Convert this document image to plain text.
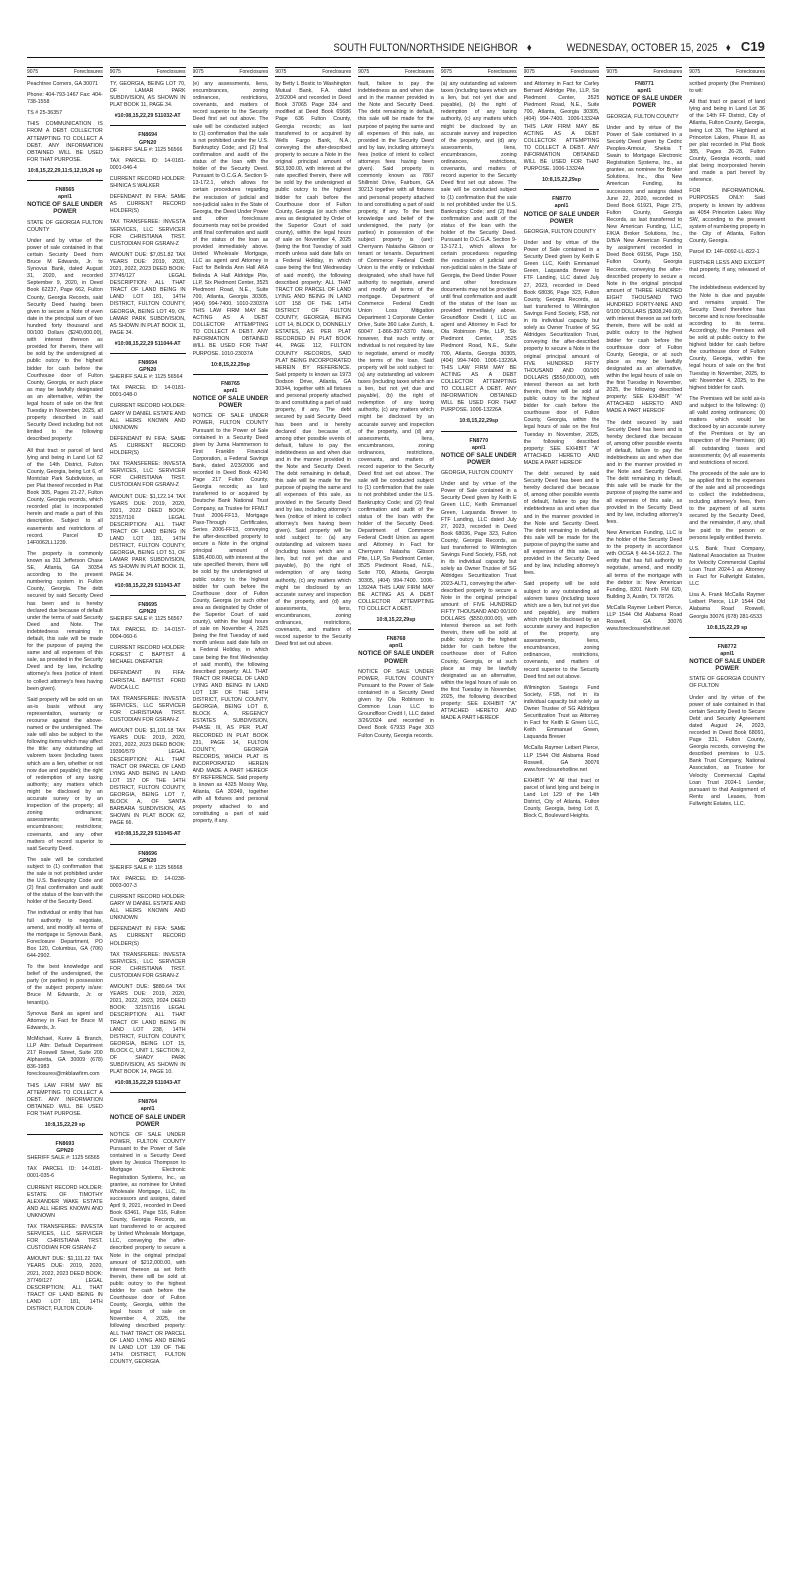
SOUTH FULTON/NORTHSIDE NEIGHBOR ♦	WEDNESDAY, OCTOBER 15, 2025 ♦ C19
9075	Foreclosures

Peachtree Corners, GA 30071

Phone: 404-793-1467 Fax: 404-738-1558

TS # 25-36357

THIS COMMUNICATION IS FROM A DEBT COLLECTOR ATTEMPTING TO COLLECT A DEBT. ANY INFORMATION OBTAINED WILL BE USED FOR THAT PURPOSE.

10:8,15,22,29,11:5,12,19,26 sp

FN8565

apnl1

NOTICE OF SALE UNDER POWER

STATE OF GEORGIA FULTON COUNTY

Under and by virtue of the power of sale contained in that certain Security Deed from Bruce M Edwards, Jr. to Synovus Bank, dated August 31, 2020, and recorded September 9, 2020, in Deed Book 62237, Page 662, Fulton County, Georgia Records, said Security Deed having been given to secure a Note of even date in the principal sum of two hundred forty thousand and 00/100 Dollars ($240,000.00), with interest thereon as provided for therein, there will be sold by the undersigned at public outcry to the highest bidder for cash before the Courthouse door of Fulton County, Georgia, or such place as may be lawfully designated as an alternative, within the legal hours of sale on the first Tuesday in November, 2025, all property described in said Security Deed including but not limited to the following described property:

All that tract or parcel of land lying and being in Land Lot 62 of the 14th District, Fulton County, Georgia, being Lot 6, of Montclair Park Subdivision, as per Plat thereof recorded in Plat Book 305, Pages 21-27, Fulton County, Georgia records, which recorded plat is incorporated herein and made a part of this description. Subject to all easements and restrictions of record. Parcel ID 14F0062LL1239.

The property is commonly known as 311 Jefferson Chase SE, Atlanta, GA 30354 according to the present numbering system in Fulton County, Georgia. The debt secured by said Security Deed has been and is hereby declared due because of default under the terms of said Security Deed and Note. The indebtedness remaining in default, this sale will be made for the purpose of paying the same and all expenses of this sale, as provided in the Security Deed and by law, including attorney's fees (notice of intent to collect attorney's fees having been given).

Said property will be sold on an as-is basis without any representation, warranty or recourse against the above-named or the undersigned. The sale will also be subject to the following items which may affect the title: any outstanding ad valorem taxes (including taxes which are a lien, whether or not now due and payable); the right of redemption of any taxing authority; any matters which might be disclosed by an accurate survey or by an inspection of the property; all zoning ordinances; assessments; liens; encumbrances; restrictions; covenants, and any other matters of record superior to said Security Deed.

The sale will be conducted subject to (1) confirmation that the sale is not prohibited under the U.S. Bankruptcy Code and (2) final confirmation and audit of the status of the loan with the holder of the Security Deed.

The individual or entity that has full authority to negotiate, amend, and modify all terms of the mortgage is: Synovus Bank, Foreclosure Department, PO Box 120, Columbus, GA (706) 644-2902.

To the best knowledge and belief of the undersigned, the party (or parties) in possession of the subject property is/are: Bruce M Edwards, Jr. or tenant(s).

Synovus Bank as agent and Attorney in Fact for Bruce M Edwards, Jr.

McMichael, Kurev & Branch, LLP Attn: Default Department 217 Roswell Street, Suite 200 Alpharetta, GA 30009 (678) 836-1983 foreclosures@mkblawfirm.com

THIS LAW FIRM MAY BE ATTEMPTING TO COLLECT A DEBT. ANY INFORMATION OBTAINED WILL BE USED FOR THAT PURPOSE.

10:8,15,22,29 sp

FN8693

GPN20

SHERIFF SALE #: 1125 56565

TAX PARCEL ID: 14-0181-0001-035-6

CURRENT RECORD HOLDER: ESTATE OF TIMOTHY ALEXANDER WAKE ESTATE AND ALL HEIRS KNOWN AND UNKNOWN

TAX TRANSFEREE: INVESTA SERVICES, LLC SERVICER FOR CHRISTIANA TRST. CUSTODIAN FOR GSRAN-Z

AMOUNT DUE: $1,111.22 TAX YEARS DUE: 2019, 2020, 2021, 2022, 2023 DEED BOOK: 37749/127 LEGAL DESCRIPTION: ALL THAT TRACT OF LAND BEING IN LAND LOT 181, 14TH DISTRICT, FULTON COUN-

9075	Foreclosures

TY, GEORGIA, BEING LOT 70, OF LAMAR PARK SUBDIVISION, AS SHOWN IN PLAT BOOK 11, PAGE 34.

#10:08,15,22,29 511032-AT

FN8694

GPN20

SHERIFF SALE #: 1125 56566

TAX PARCEL ID: 14-0181-0001-046-4

CURRENT RECORD HOLDER: SHINICA S WALKER

DEFENDANT IN FIFA: SAME AS CURRENT RECORD HOLDER(S)

TAX TRANSFEREE: INVESTA SERVICES, LLC SERVICER FOR CHRISTIANA TRST. CUSTODIAN FOR GSRAN-Z

AMOUNT DUE: $7,051.82 TAX YEARS DUE: 2019, 2020, 2021, 2022, 2023 DEED BOOK: 37745/127 LEGAL DESCRIPTION: ALL THAT TRACT OF LAND BEING IN LAND LOT 181, 14TH DISTRICT, FULTON COUNTY, GEORGIA, BEING LOT 49, OF LAMAR PARK SUBDIVISION, AS SHOWN IN PLAT BOOK 11, PAGE 34.

#10:08,15,22,29 511044-AT

FN8694

GPN20

SHERIFF SALE #: 1125 56564

TAX PARCEL ID: 14-0181-0001-048-0

CURRENT RECORD HOLDER: GARY W DANIEL ESTATE AND ALL HEIRS KNOWN AND UNKNOWN

DEFENDANT IN FIFA: SAME AS CURRENT RECORD HOLDER(S)

TAX TRANSFEREE: INVESTA SERVICES, LLC SERVICER FOR CHRISTIANA TRST. CUSTODIAN FOR GSRAN-Z

AMOUNT DUE: $1,122.14 TAX YEARS DUE: 2019, 2020, 2021, 2022 DEED BOOK: 32157/116 LEGAL DESCRIPTION: ALL THAT TRACT OF LAND BEING IN LAND LOT 181, 14TH DISTRICT, FULTON COUNTY, GEORGIA, BEING LOT 51, OF LAMAR PARK SUBDIVISION, AS SHOWN IN PLAT BOOK 11, PAGE 34.

#10:08,15,22,29 511043-AT

FN8695

GPN20

SHERIFF SALE #: 1125 56567

TAX PARCEL ID: 14-0157-0004-060-6

CURRENT RECORD HOLDER: FOREST C BAPTIST & MICHAEL ONEFATER

DEFENDANT IN FIFA: CHRISTAL BAPTIST FORD AVOCA LLC

TAX TRANSFEREE: INVESTA SERVICES, LLC SERVICER FOR CHRISTIANA TRST. CUSTODIAN FOR GSRAN-Z

AMOUNT DUE: $1,101.18 TAX YEARS DUE: 2019, 2020, 2021, 2022, 2023 DEED BOOK: 19390/579 LEGAL DESCRIPTION: ALL THAT TRACT OR PARCEL OF LAND LYING AND BEING IN LAND LOT 157 OF THE 14TH DISTRICT, FULTON COUNTY, GEORGIA, BEING LOT 7, BLOCK A, OF SANTA BARBARA SUBDIVISION, AS SHOWN IN PLAT BOOK 62, PAGE 66.

#10:08,15,22,29 511045-AT

FN8696

GPN20

SHERIFF SALE #: 1125 56568

TAX PARCEL ID: 14-0238-0003-007-3

CURRENT RECORD HOLDER: GARY W DANIEL ESTATE AND ALL HEIRS KNOWN AND UNKNOWN

DEFENDANT IN FIFA: SAME AS CURRENT RECORD HOLDER(S)

TAX TRANSFEREE: INVESTA SERVICES, LLC SERVICER FOR CHRISTIANA TRST. CUSTODIAN FOR GSRAN-Z

AMOUNT DUE: $880.64 TAX YEARS DUE: 2019, 2020, 2021, 2022, 2023, 2024 DEED BOOK: 32157/116 LEGAL DESCRIPTION: ALL THAT TRACT OF LAND BEING IN LAND LOT 238, 14TH DISTRICT, FULTON COUNTY, GEORGIA, BEING LOT 15, BLOCK C, UNIT 1, SECTION 2, OF SHADY PARK SUBDIVISION, AS SHOWN IN PLAT BOOK 14, PAGE 10.

#10:08,15,22,29 511043-AT

FN8764

apnl1

NOTICE OF SALE UNDER POWER

NOTICE OF SALE UNDER POWER, FULTON COUNTY Pursuant to the Power of Sale contained in a Security Deed given by Jessica Thompson to Mortgage Electronic Registration Systems, Inc., as grantee, as nominee for United Wholesale Mortgage, LLC, its successors and assigns, dated April 9, 2021, recorded in Deed Book 63461, Page 516, Fulton County, Georgia Records, as last transferred to or acquired by United Wholesale Mortgage, LLC, conveying the after-described property to secure a Note in the original principal amount of $212,000.00, with interest thereon as set forth therein, there will be sold at public outcry to the highest bidder for cash before the Courthouse door of Fulton County, Georgia, within the legal hours of sale on November 4, 2025, the following described property: ALL THAT TRACT OR PARCEL OF LAND LYING AND BEING IN LAND LOT 139 OF THE 14TH DISTRICT, FULTON COUNTY, GEORGIA.

9075	Foreclosures

(e) any assessments, liens, encumbrances, zoning ordinances, restrictions, covenants, and matters of record superior to the Security Deed first set out above. The sale will be conducted subject to (1) confirmation that the sale is not prohibited under the U.S. Bankruptcy Code; and (2) final confirmation and audit of the status of the loan with the holder of the Security Deed. Pursuant to O.C.G.A. Section 9-13-172.1, which allows for certain procedures regarding the rescission of judicial and non-judicial sales in the State of Georgia, the Deed Under Power and other foreclosure documents may not be provided until final confirmation and audit of the status of the loan as provided immediately above. United Wholesale Mortgage, LLC as agent and Attorney in Fact for Belinda Ann Hall AKA Belinda A Hall Aldridge Pite, LLP, Six Piedmont Center, 3525 Piedmont Road, N.E., Suite 700, Atlanta, Georgia 30305, (404) 994-7400. 1010-23037A THIS LAW FIRM MAY BE ACTING AS A DEBT COLLECTOR ATTEMPTING TO COLLECT A DEBT. ANY INFORMATION OBTAINED WILL BE USED FOR THAT PURPOSE. 1010-23037A

10:8,15,22,29sp

FN8765

apnl1

NOTICE OF SALE UNDER POWER

NOTICE OF SALE UNDER POWER, FULTON COUNTY Pursuant to the Power of Sale contained in a Security Deed given by Juma Hammerson to First Franklin Financial Corporation, a Federal Savings Bank, dated 2/23/2006 and recorded in Deed Book 42140 Page 217 Fulton County, Georgia records; as last transferred to or acquired by Deutsche Bank National Trust Company, as Trustee for FFMLT Trust 2006-FF13, Mortgage Pass-Through Certificates, Series 2006-FF13, conveying the after-described property to secure a Note in the original principal amount of $186,400.00, with interest at the rate specified therein, there will be sold by the undersigned at public outcry to the highest bidder for cash before the Courthouse door of Fulton County, Georgia (or such other area as designated by Order of the Superior Court of said county), within the legal hours of sale on November 4, 2025 (being the first Tuesday of said month unless said date falls on a Federal Holiday, in which case being the first Wednesday of said month), the following described property: ALL THAT TRACT OR PARCEL OF LAND LYING AND BEING IN LAND LOT 13F OF THE 14TH DISTRICT, FULTON COUNTY, GEORGIA, BEING LOT 8, BLOCK A, REGENCY ESTATES SUBDIVISION, PHASE III, AS PER PLAT RECORDED IN PLAT BOOK 231, PAGE 14, FULTON COUNTY, GEORGIA RECORDS, WHICH PLAT IS INCORPORATED HEREIN AND MADE A PART HEREOF BY REFERENCE. Said property is known as 4325 Mossy Way, Atlanta, GA 30349, together with all fixtures and personal property attached to and constituting a part of said property, if any.

9075	Foreclosures

by Betty L Bostic to Washington Mutual Bank, F.A. dated 2/3/2004 and recorded in Deed Book 37065 Page 334 and modified at Deed Book 65686 Page 636 Fulton County, Georgia records; as last transferred to or acquired by Wells Fargo Bank, N.A., conveying the after-described property to secure a Note in the original principal amount of $63,930.00, with interest at the rate specified therein, there will be sold by the undersigned at public outcry to the highest bidder for cash before the Courthouse door of Fulton County, Georgia (or such other area as designated by Order of the Superior Court of said county), within the legal hours of sale on November 4, 2025 (being the first Tuesday of said month unless said date falls on a Federal Holiday, in which case being the first Wednesday of said month), the following described property: ALL THAT TRACT OR PARCEL OF LAND LYING AND BEING IN LAND LOT 158 OF THE 14TH DISTRICT OF FULTON COUNTY, GEORGIA, BEING LOT 14, BLOCK D, DONNELLY ESTATES, AS PER PLAT RECORDED IN PLAT BOOK 44, PAGE 112, FULTON COUNTY RECORDS, SAID PLAT BEING INCORPORATED HEREIN BY REFERENCE. Said property is known as 1973 Dodson Drive, Atlanta, GA 30344, together with all fixtures and personal property attached to and constituting a part of said property, if any. The debt secured by said Security Deed has been and is hereby declared due because of, among other possible events of default, failure to pay the indebtedness as and when due and in the manner provided in the Note and Security Deed. The debt remaining in default, this sale will be made for the purpose of paying the same and all expenses of this sale, as provided in the Security Deed and by law, including attorney's fees (notice of intent to collect attorney's fees having been given). Said property will be sold subject to: (a) any outstanding ad valorem taxes (including taxes which are a lien, but not yet due and payable), (b) the right of redemption of any taxing authority, (c) any matters which might be disclosed by an accurate survey and inspection of the property, and (d) any assessments, liens, encumbrances, zoning ordinances, restrictions, covenants, and matters of record superior to the Security Deed first set out above.

9075	Foreclosures

fault, failure to pay the indebtedness as and when due and in the manner provided in the Note and Security Deed. The debt remaining in default, this sale will be made for the purpose of paying the same and all expenses of this sale, as provided in the Security Deed and by law, including attorney's fees (notice of intent to collect attorneys fees having been given). Said property is commonly known as 7867 Shillmist Drive, Fairburn, GA 30213 together with all fixtures and personal property attached to and constituting a part of said property, if any. To the best knowledge and belief of the undersigned, the party (or parties) in possession of the subject property is (are): Cherryann Natasha Gibson or tenant or tenants. Department of Commerce Federal Credit Union is the entity or individual designated, who shall have full authority to negotiate, amend and modify all terms of the mortgage. Department of Commerce Federal Credit Union Loss Mitigation Department 1 Corporate Center Drive, Suite 360 Lake Zurich, IL 60047 1-866-397-5370 Note, however, that such entity or individual is not required by law to negotiate, amend or modify the terms of the loan. Said property will be sold subject to: (a) any outstanding ad valorem taxes (including taxes which are a lien, but not yet due and payable), (b) the right of redemption of any taxing authority, (c) any matters which might be disclosed by an accurate survey and inspection of the property, and (d) any assessments, liens, encumbrances, zoning ordinances, restrictions, covenants, and matters of record superior to the Security Deed first set out above. The sale will be conducted subject to (1) confirmation that the sale is not prohibited under the U.S. Bankruptcy Code; and (2) final confirmation and audit of the status of the loan with the holder of the Security Deed. Department of Commerce Federal Credit Union as agent and Attorney in Fact for Cherryann Natasha Gibson Pite, LLP, Six Piedmont Center, 3525 Piedmont Road, N.E., Suite 700, Atlanta, Georgia 30305, (404) 994-7400. 1006-13924A THIS LAW FIRM MAY BE ACTING AS A DEBT COLLECTOR ATTEMPTING TO COLLECT A DEBT.

10:8,15,22,29sp

FN8768

apnl1

NOTICE OF SALE UNDER POWER

NOTICE OF SALE UNDER POWER, FULTON COUNTY Pursuant to the Power of Sale contained in a Security Deed given by Ola Robinson to Common Loan LLC to Groundfloor Credit I, LLC dated 3/26/2024 and recorded in Deed Book 67933 Page 303 Fulton County, Georgia records.

9075	Foreclosures

(a) any outstanding ad valorem taxes (including taxes which are a lien, but not yet due and payable), (b) the right of redemption of any taxing authority, (c) any matters which might be disclosed by an accurate survey and inspection of the property, and (d) any assessments, liens, encumbrances, zoning ordinances, restrictions, covenants, and matters of record superior to the Security Deed first set out above. The sale will be conducted subject to (1) confirmation that the sale is not prohibited under the U.S. Bankruptcy Code; and (2) final confirmation and audit of the status of the loan with the holder of the Security Deed. Pursuant to O.C.G.A. Section 9-13-172.1, which allows for certain procedures regarding the rescission of judicial and non-judicial sales in the State of Georgia, the Deed Under Power and other foreclosure documents may not be provided until final confirmation and audit of the status of the loan as provided immediately above. Groundfloor Credit I, LLC as agent and Attorney in Fact for Ola Robinson Pite, LLP, Six Piedmont Center, 3525 Piedmont Road, N.E., Suite 700, Atlanta, Georgia 30305, (404) 994-7400. 1006-13226A THIS LAW FIRM MAY BE ACTING AS A DEBT COLLECTOR ATTEMPTING TO COLLECT A DEBT. ANY INFORMATION OBTAINED WILL BE USED FOR THAT PURPOSE. 1006-13226A

10:8,15,22,29sp

FN8770

apnl1

NOTICE OF SALE UNDER POWER

GEORGIA, FULTON COUNTY

Under and by virtue of the Power of Sale contained in a Security Deed given by Keith E Green LLC, Keith Emmanuel Green, Laquanda Brewer to FTF Landing, LLC dated July 27, 2023, recorded in Deed Book 68036, Page 323, Fulton County, Georgia Records, as last transferred to Wilmington Savings Fund Society, FSB, not in its individual capacity but solely as Owner Trustee of SG Aldridges Securitization Trust 2023-ALT1, conveying the after-described property to secure a Note in the original principal amount of FIVE HUNDRED FIFTY THOUSAND AND 00/100 DOLLARS ($550,000.00), with interest thereon as set forth therein, there will be sold at public outcry to the highest bidder for cash before the courthouse door of Fulton County, Georgia, or at such place as may be lawfully designated as an alternative, within the legal hours of sale on the first Tuesday in November, 2025, the following described property: SEE EXHIBIT "A" ATTACHED HERETO AND MADE A PART HEREOF

9075	Foreclosures

and Attorney in Fact for Carley Bernard Aldridge Pite, LLP, Six Piedmont Center, 3525 Piedmont Road, N.E., Suite 700, Atlanta, Georgia 30305, (404) 994-7400. 1006-13324A THIS LAW FIRM MAY BE ACTING AS A DEBT COLLECTOR ATTEMPTING TO COLLECT A DEBT. ANY INFORMATION OBTAINED WILL BE USED FOR THAT PURPOSE. 1006-13324A

10:8,15,22,29sp

FN8770

apnl1

NOTICE OF SALE UNDER POWER

GEORGIA, FULTON COUNTY

Under and by virtue of the Power of Sale contained in a Security Deed given by Keith E Green LLC, Keith Emmanuel Green, Laquanda Brewer to FTF Landing, LLC dated July 27, 2023, recorded in Deed Book 68036, Page 323, Fulton County, Georgia Records, as last transferred to Wilmington Savings Fund Society, FSB, not in its individual capacity but solely as Owner Trustee of SG Aldridges Securitization Trust, conveying the after-described property to secure a Note in the original principal amount of FIVE HUNDRED FIFTY THOUSAND AND 00/100 DOLLARS ($550,000.00), with interest thereon as set forth therein, there will be sold at public outcry to the highest bidder for cash before the courthouse door of Fulton County, Georgia, within the legal hours of sale on the first Tuesday in November, 2025, the following described property: SEE EXHIBIT "A" ATTACHED HERETO AND MADE A PART HEREOF

The debt secured by said Security Deed has been and is hereby declared due because of, among other possible events of default, failure to pay the indebtedness as and when due and in the manner provided in the Note and Security Deed. The debt remaining in default, this sale will be made for the purpose of paying the same and all expenses of this sale, as provided in the Security Deed and by law, including attorney's fees.

Said property will be sold subject to any outstanding ad valorem taxes (including taxes which are a lien, but not yet due and payable), any matters which might be disclosed by an accurate survey and inspection of the property, any assessments, liens, encumbrances, zoning ordinances, restrictions, covenants, and matters of record superior to the Security Deed first set out above.

Wilmington Savings Fund Society, FSB, not in its individual capacity but solely as Owner Trustee of SG Aldridges Securitization Trust as Attorney in Fact for Keith E Green LLC, Keith Emmanuel Green, Laquanda Brewer

McCalla Raymer Leibert Pierce, LLP 1544 Old Alabama Road Roswell, GA 30076 www.foreclosurehotline.net

EXHIBIT "A" All that tract or parcel of land lying and being in Land Lot 129 of the 14th District, City of Atlanta, Fulton County, Georgia, being Lot 8, Block C, Boulevard Heights.

9075	Foreclosures

FN8771

apnl1

NOTICE OF SALE UNDER POWER

GEORGIA, FULTON COUNTY

Under and by virtue of the Power of Sale contained in a Security Deed given by Cedric Peoples-Armour, Shekia T Swain to Mortgage Electronic Registration Systems, Inc., as grantee, as nominee for Broker Solutions, Inc., dba New American Funding, its successors and assigns dated June 22, 2020, recorded in Deed Book 61921, Page 275, Fulton County, Georgia Records, as last transferred to New American Funding, LLC, F/K/A Broker Solutions, Inc., D/B/A New American Funding by assignment recorded in Deed Book 69156, Page 150, Fulton County, Georgia Records, conveying the after-described property to secure a Note in the original principal amount of THREE HUNDRED EIGHT THOUSAND TWO HUNDRED FORTY-NINE AND 0/100 DOLLARS ($308,249.00), with interest thereon as set forth therein, there will be sold at public outcry to the highest bidder for cash before the courthouse door of Fulton County, Georgia, or at such place as may be lawfully designated as an alternative, within the legal hours of sale on the first Tuesday in November, 2025, the following described property: SEE EXHIBIT "A" ATTACHED HERETO AND MADE A PART HEREOF

The debt secured by said Security Deed has been and is hereby declared due because of, among other possible events of default, failure to pay the indebtedness as and when due and in the manner provided in the Note and Security Deed. The debt remaining in default, this sale will be made for the purpose of paying the same and all expenses of this sale, as provided in the Security Deed and by law, including attorney's fees.

New American Funding, LLC is the holder of the Security Deed to the property in accordance with OCGA § 44-14-162.2. The entity that has full authority to negotiate, amend, and modify all terms of the mortgage with the debtor is: New American Funding, 8201 North FM 620, Building 3, Austin, TX 78726.

McCalla Raymer Leibert Pierce, LLP 1544 Old Alabama Road Roswell, GA 30076 www.foreclosurehotline.net

9075	Foreclosures

scribed property (the Premises) to wit:

All that tract or parcel of land lying and being in Land Lot 36 of the 14th FF District, City of Atlanta, Fulton County, Georgia, being Lot 33, The Highland at Princeton Lakes, Phase III, as per plat recorded in Plat Book 385, Pages 26-28, Fulton County, Georgia records, said plat being incorporated herein and made a part hereof by reference.

FOR INFORMATIONAL PURPOSES ONLY: Said property is known by address as 4054 Princeton Lakes Way SW, according to the present system of numbering property in the City of Atlanta, Fulton County, Georgia.

Parcel ID: 14F-0092-LL-822-1

FURTHER LESS AND EXCEPT that property, if any, released of record.

The indebtedness evidenced by the Note is due and payable and remains unpaid. The Security Deed therefore has become and is now foreclosable according to its terms. Accordingly, the Premises will be sold at public outcry to the highest bidder for cash before the courthouse door of Fulton County, Georgia, within the legal hours of sale on the first Tuesday in November, 2025, to wit: November 4, 2025, to the highest bidder for cash.

The Premises will be sold as-is and subject to the following: (i) all valid zoning ordinances; (ii) matters which would be disclosed by an accurate survey of the Premises or by an inspection of the Premises; (iii) all outstanding taxes and assessments; (iv) all easements and restrictions of record.

The proceeds of the sale are to be applied first to the expenses of the sale and all proceedings to collect the indebtedness, including attorney's fees, then to the payment of all sums secured by the Security Deed, and the remainder, if any, shall be paid to the person or persons legally entitled thereto.

U.S. Bank Trust Company, National Association as Trustee for Velocity Commercial Capital Loan Trust 2024-1 as Attorney in Fact for Fullwright Estates, LLC

Lisa A. Frank McCalla Raymer Leibert Pierce, LLP 1544 Old Alabama Road Roswell, Georgia 30076 (678) 281-6533

10:8,15,22,29 sp

FN8772

apnl1

NOTICE OF SALE UNDER POWER

STATE OF GEORGIA COUNTY OF FULTON

Under and by virtue of the power of sale contained in that certain Security Deed to Secure Debt and Security Agreement dated August 24, 2023, recorded in Deed Book 68091, Page 331, Fulton County, Georgia records, conveying the described premises to U.S. Bank Trust Company, National Association, as Trustee for Velocity Commercial Capital Loan Trust 2024-1 Lender, pursuant to that Assignment of Rents and Leases, from Fullwright Estates, LLC.
